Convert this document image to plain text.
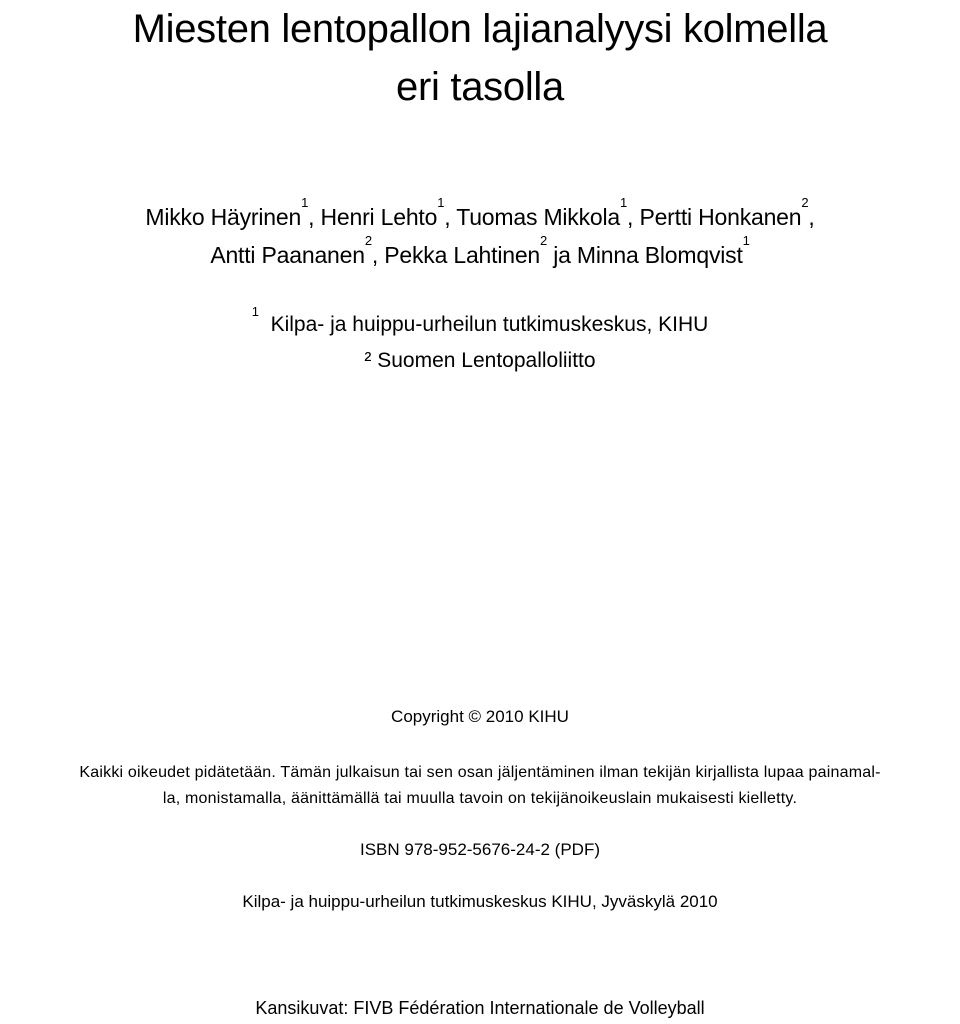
Miesten lentopallon lajianalyysi kolmella
eri tasolla
Mikko Häyrinen$^1$, Henri Lehto$^1$, Tuomas Mikkola$^1$, Pertti Honkanen$^2$,
Antti Paananen$^2$, Pekka Lahtinen$^2$ ja Minna Blomqvist$^1$
$^1$  Kilpa- ja huippu-urheilun tutkimuskeskus, KIHU
² Suomen Lentopalloliitto
Copyright © 2010 KIHU
Kaikki oikeudet pidätetään. Tämän julkaisun tai sen osan jäljentäminen ilman tekijän kirjallista lupaa painamal-
la, monistamalla, äänittämällä tai muulla tavoin on tekijänoikeuslain mukaisesti kielletty.
ISBN 978-952-5676-24-2 (PDF)
Kilpa- ja huippu-urheilun tutkimuskeskus KIHU, Jyväskylä 2010
Kansikuvat: FIVB Fédération Internationale de Volleyball
